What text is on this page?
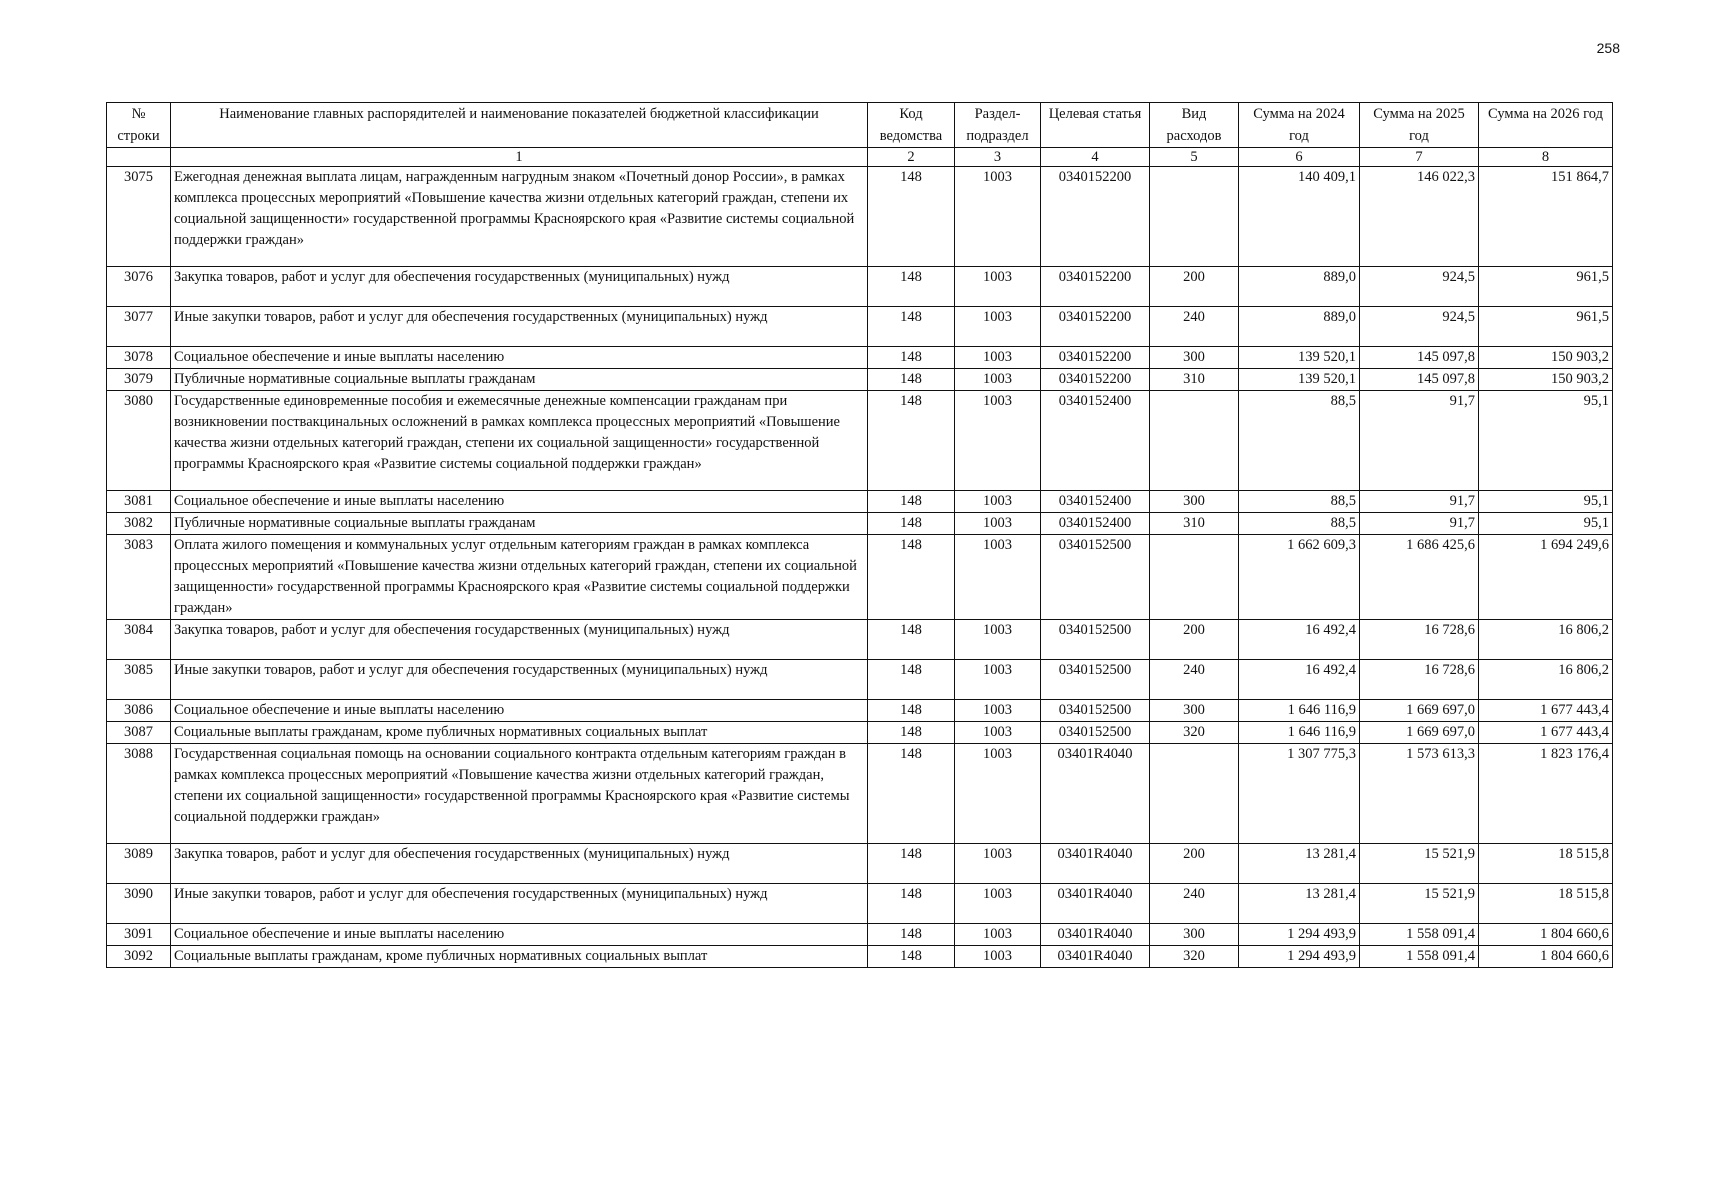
258
№ строки	Наименование главных распорядителей и наименование показателей бюджетной классификации	Код ведомства	Раздел-подраздел	Целевая статья	Вид расходов	Сумма на 2024 год	Сумма на 2025 год	Сумма на 2026 год
	1	2	3	4	5	6	7	8
3075	Ежегодная денежная выплата лицам, награжденным нагрудным знаком «Почетный донор России», в рамках комплекса процессных мероприятий «Повышение качества жизни отдельных категорий граждан, степени их социальной защищенности» государственной программы Красноярского края «Развитие системы социальной поддержки граждан»	148	1003	0340152200		140 409,1	146 022,3	151 864,7
3076	Закупка товаров, работ и услуг для обеспечения государственных (муниципальных) нужд	148	1003	0340152200	200	889,0	924,5	961,5
3077	Иные закупки товаров, работ и услуг для обеспечения государственных (муниципальных) нужд	148	1003	0340152200	240	889,0	924,5	961,5
3078	Социальное обеспечение и иные выплаты населению	148	1003	0340152200	300	139 520,1	145 097,8	150 903,2
3079	Публичные нормативные социальные выплаты гражданам	148	1003	0340152200	310	139 520,1	145 097,8	150 903,2
3080	Государственные единовременные пособия и ежемесячные денежные компенсации гражданам при возникновении поствакцинальных осложнений в рамках комплекса процессных мероприятий «Повышение качества жизни отдельных категорий граждан, степени их социальной защищенности» государственной программы Красноярского края «Развитие системы социальной поддержки граждан»	148	1003	0340152400		88,5	91,7	95,1
3081	Социальное обеспечение и иные выплаты населению	148	1003	0340152400	300	88,5	91,7	95,1
3082	Публичные нормативные социальные выплаты гражданам	148	1003	0340152400	310	88,5	91,7	95,1
3083	Оплата жилого помещения и коммунальных услуг отдельным категориям граждан в рамках комплекса процессных мероприятий «Повышение качества жизни отдельных категорий граждан, степени их социальной защищенности» государственной программы Красноярского края «Развитие системы социальной поддержки граждан»	148	1003	0340152500		1 662 609,3	1 686 425,6	1 694 249,6
3084	Закупка товаров, работ и услуг для обеспечения государственных (муниципальных) нужд	148	1003	0340152500	200	16 492,4	16 728,6	16 806,2
3085	Иные закупки товаров, работ и услуг для обеспечения государственных (муниципальных) нужд	148	1003	0340152500	240	16 492,4	16 728,6	16 806,2
3086	Социальное обеспечение и иные выплаты населению	148	1003	0340152500	300	1 646 116,9	1 669 697,0	1 677 443,4
3087	Социальные выплаты гражданам, кроме публичных нормативных социальных выплат	148	1003	0340152500	320	1 646 116,9	1 669 697,0	1 677 443,4
3088	Государственная социальная помощь на основании социального контракта отдельным категориям граждан в рамках комплекса процессных мероприятий «Повышение качества жизни отдельных категорий граждан, степени их социальной защищенности» государственной программы Красноярского края «Развитие системы социальной поддержки граждан»	148	1003	03401R4040		1 307 775,3	1 573 613,3	1 823 176,4
3089	Закупка товаров, работ и услуг для обеспечения государственных (муниципальных) нужд	148	1003	03401R4040	200	13 281,4	15 521,9	18 515,8
3090	Иные закупки товаров, работ и услуг для обеспечения государственных (муниципальных) нужд	148	1003	03401R4040	240	13 281,4	15 521,9	18 515,8
3091	Социальное обеспечение и иные выплаты населению	148	1003	03401R4040	300	1 294 493,9	1 558 091,4	1 804 660,6
3092	Социальные выплаты гражданам, кроме публичных нормативных социальных выплат	148	1003	03401R4040	320	1 294 493,9	1 558 091,4	1 804 660,6
